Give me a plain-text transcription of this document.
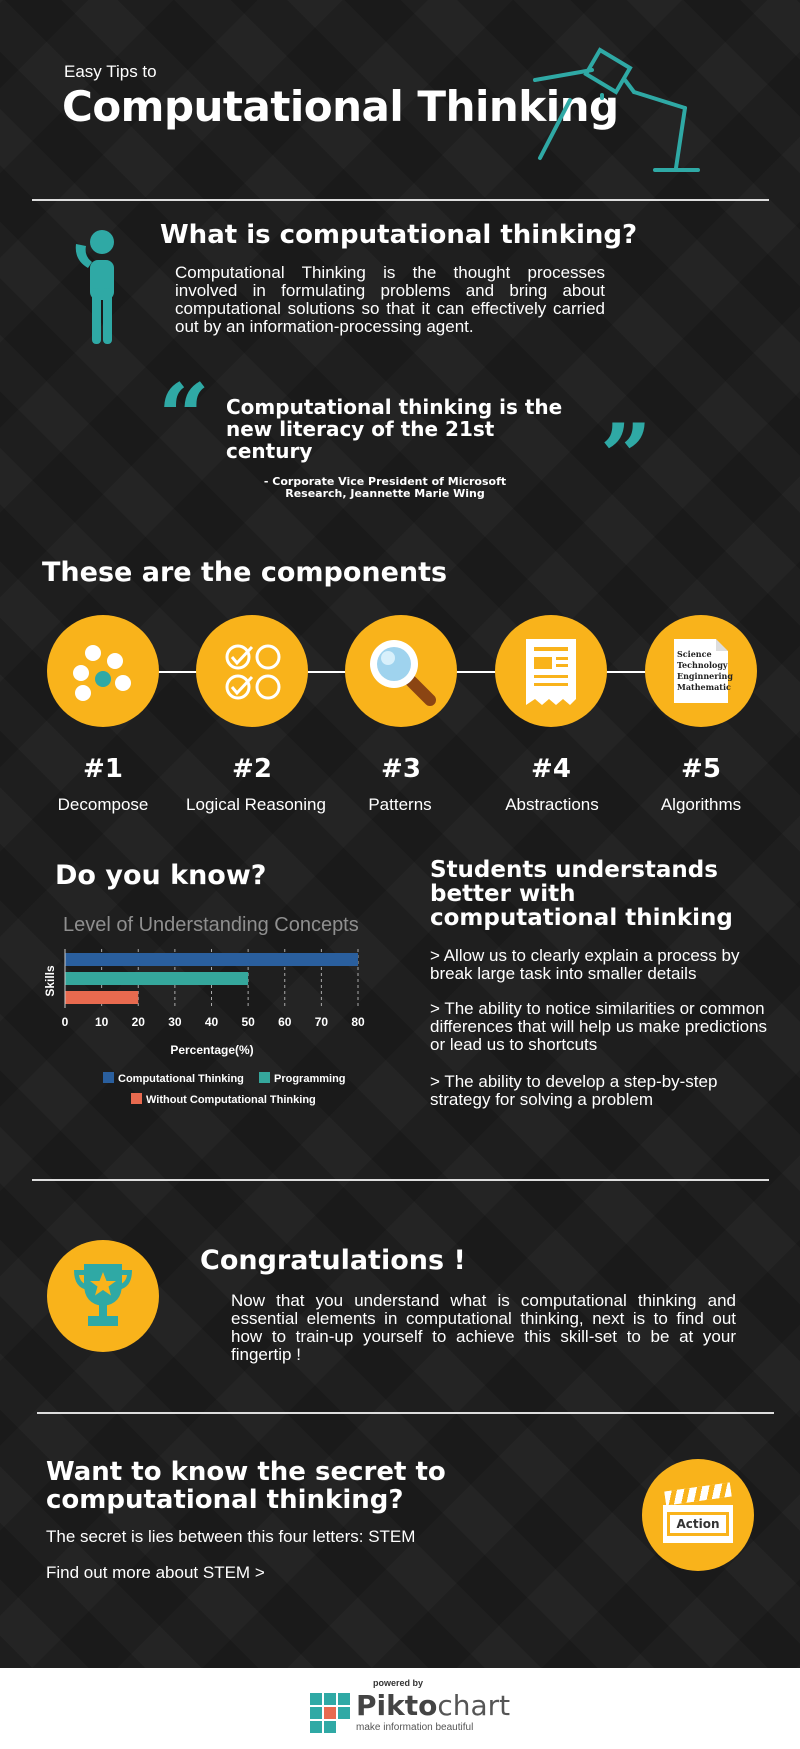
Easy Tips to
Computational Thinking
What is computational thinking?
Computational Thinking is the thought processes involved in formulating problems and bring about computational solutions so that it can effectively carried out by an information-processing agent.
“ Computational thinking is the new literacy of the 21st century	”
- Corporate Vice President of Microsoft Research, Jeannette Marie Wing
These are the components
Science
Technology
Enginnering
Mathematic
#1	#2	#3	#4	#5
Decompose	Logical Reasoning	Patterns	Abstractions	Algorithms
Do you know?
Level of Understanding Concepts
0 10 20 30 40 50 60 70 80
Skills
Percentage(%)
Computational Thinking	Programming
Without Computational Thinking
Students understands better with computational thinking
> Allow us to clearly explain a process by break large task into smaller details
> The ability to notice similarities or common differences that will help us make predictions or lead us to shortcuts
> The ability to develop a step-by-step strategy for solving a problem
Congratulations !
Now that you understand what is computational thinking and essential elements in computational thinking, next is to find out how to train-up yourself to achieve this skill-set to be at your fingertip !
Want to know the secret to computational thinking?
The secret is lies between this four letters: STEM
Find out more about STEM >
Action
powered by
Piktochart
make information beautiful
